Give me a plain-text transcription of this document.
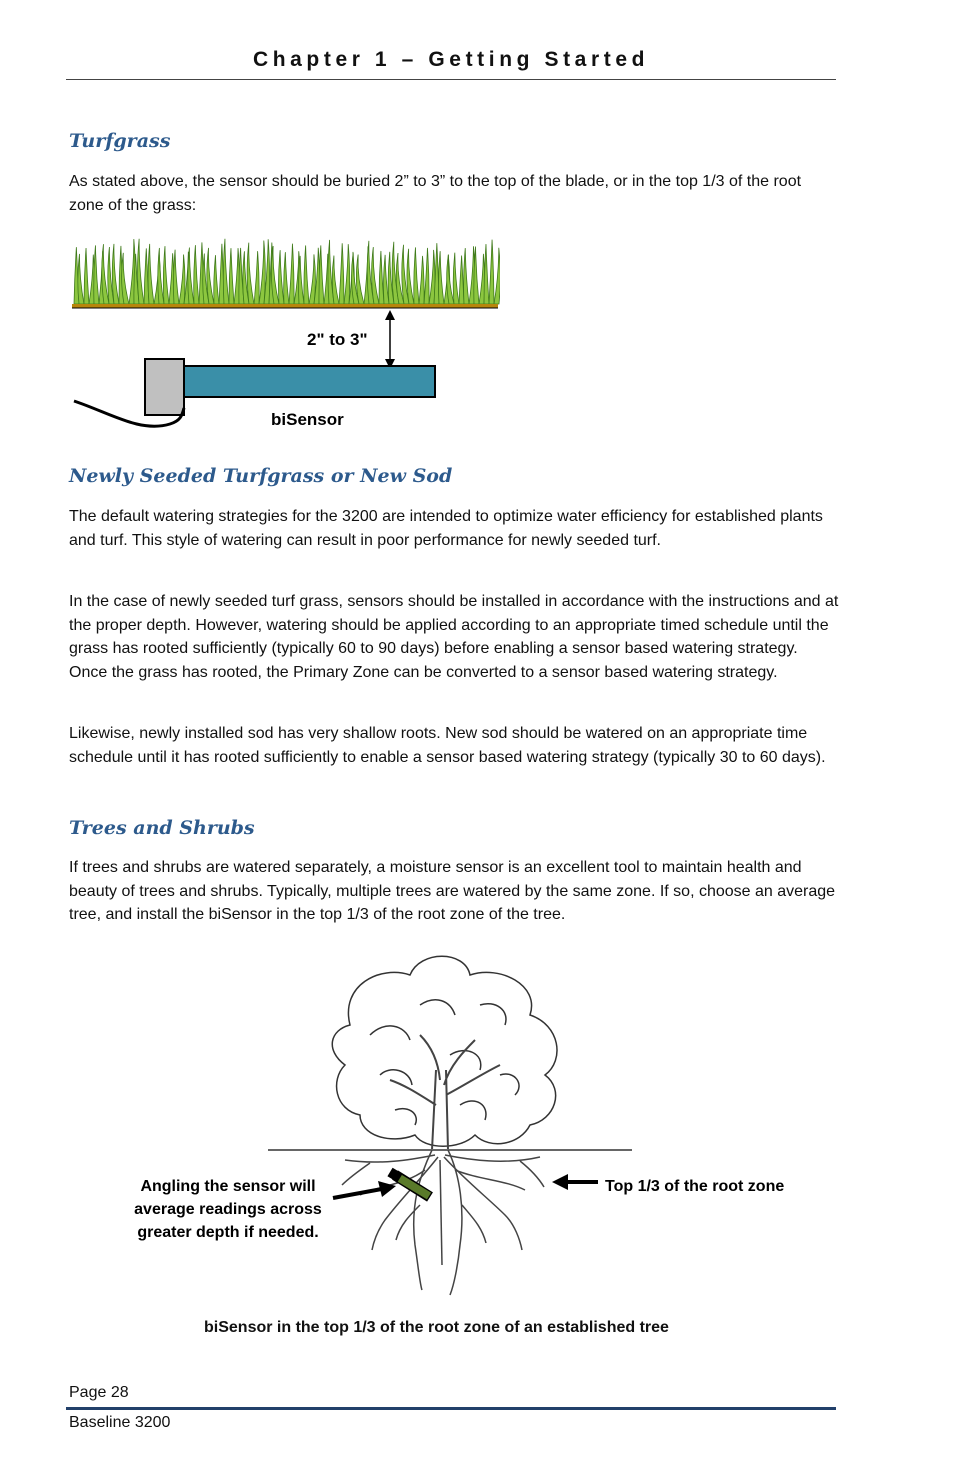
Chapter 1 – Getting Started
Turfgrass
As stated above, the sensor should be buried 2” to 3” to the top of the blade, or in the top 1/3 of the root zone of the grass:
2" to 3"
biSensor
Newly Seeded Turfgrass or New Sod
The default watering strategies for the 3200 are intended to optimize water efficiency for established plants and turf. This style of watering can result in poor performance for newly seeded turf.
In the case of newly seeded turf grass, sensors should be installed in accordance with the instructions and at the proper depth. However, watering should be applied according to an appropriate timed schedule until the grass has rooted sufficiently (typically 60 to 90 days) before enabling a sensor based watering strategy. Once the grass has rooted, the Primary Zone can be converted to a sensor based watering strategy.
Likewise, newly installed sod has very shallow roots. New sod should be watered on an appropriate time schedule until it has rooted sufficiently to enable a sensor based watering strategy (typically 30 to 60 days).
Trees and Shrubs
If trees and shrubs are watered separately, a moisture sensor is an excellent tool to maintain health and beauty of trees and shrubs. Typically, multiple trees are watered by the same zone. If so, choose an average tree, and install the biSensor in the top 1/3 of the root zone of the tree.
Angling the sensor will
average readings across
greater depth if needed.
Top 1/3 of the root zone
biSensor in the top 1/3 of the root zone of an established tree
Page 28
Baseline 3200
